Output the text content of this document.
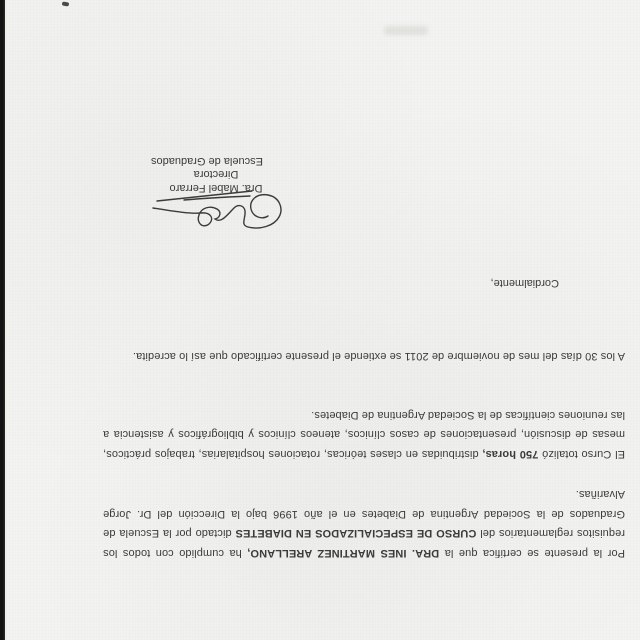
Por la presente se certifica que la DRA. INES MARTINEZ ARELLANO, ha cumplido con todos los requisitos reglamentarios del CURSO DE ESPECIALIZADOS EN DIABETES dictado por la Escuela de Graduados de la Sociedad Argentina de Diabetes en el año 1996 bajo la Dirección del Dr. Jorge Alvariñas.

El Curso totalizó 750 horas, distribuidas en clases teóricas, rotaciones hospitalarias, trabajos prácticos, mesas de discusión, presentaciones de casos clínicos, ateneos clínicos y bibliográficos y asistencia a las reuniones científicas de la Sociedad Argentina de Diabetes.

A los 30 días del mes de noviembre de 2011 se extiende el presente certificado que así lo acredita.

Cordialmente,
Dra. Mabel Ferraro
Directora
Escuela de Graduados
